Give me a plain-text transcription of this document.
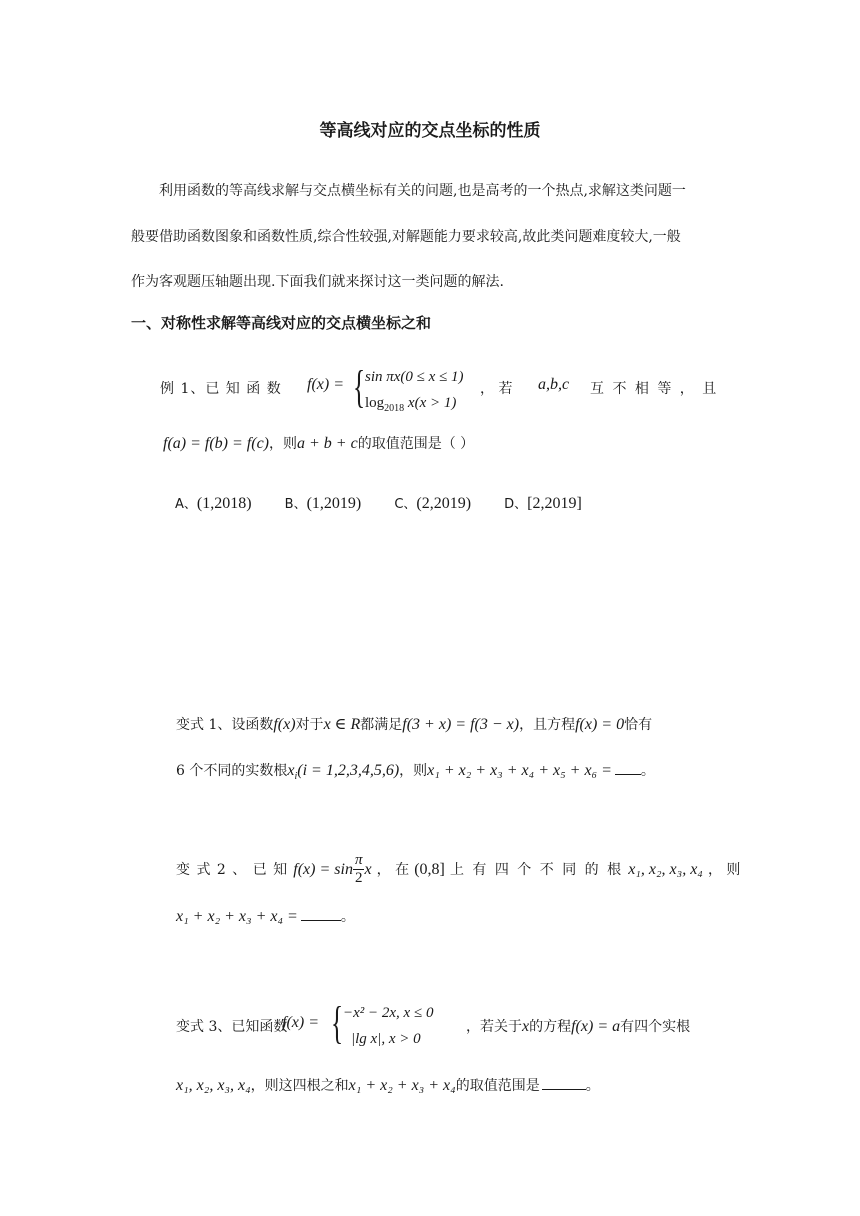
等高线对应的交点坐标的性质
利用函数的等高线求解与交点横坐标有关的问题,也是高考的一个热点,求解这类问题一
般要借助函数图象和函数性质,综合性较强,对解题能力要求较高,故此类问题难度较大,一般
作为客观题压轴题出现.下面我们就来探讨这一类问题的解法.
一、对称性求解等高线对应的交点横坐标之和
例 1、已 知 函 数 f(x) = { sin πx(0 ≤ x ≤ 1)
$\log_{2018} x(x > 1)$
， 若 a,b,c 互 不 相 等 ， 且
f(a) = f(b) = f(c)，则a + b + c的取值范围是（ ）
A、(1,2018)	B、(1,2019)	C、(2,2019)	D、[2,2019]
变式 1、设函数f(x)对于x ∈ R都满足f(3 + x) = f(3 − x)，且方程f(x) = 0恰有
6 个不同的实数根$x_i(i = 1,2,3,4,5,6)$，则x₁ + x₂ + x₃ + x₄ + x₅ + x₆ = 。
变 式 2 、 已 知 $f(x) = \sin \frac{\pi}{2}$ x ， 在 (0,8] 上 有 四 个 不 同 的 根 x₁, x₂, x₃, x₄ ， 则
x₁ + x₂ + x₃ + x₄ =	。
变式 3、已知函数
f(x) = { −x² − 2x, x ≤ 0
|lg x|, x > 0
，若关于x的方程f(x) = a有四个实根
x₁, x₂, x₃, x₄，则这四根之和x₁ + x₂ + x₃ + x₄的取值范围是	。
